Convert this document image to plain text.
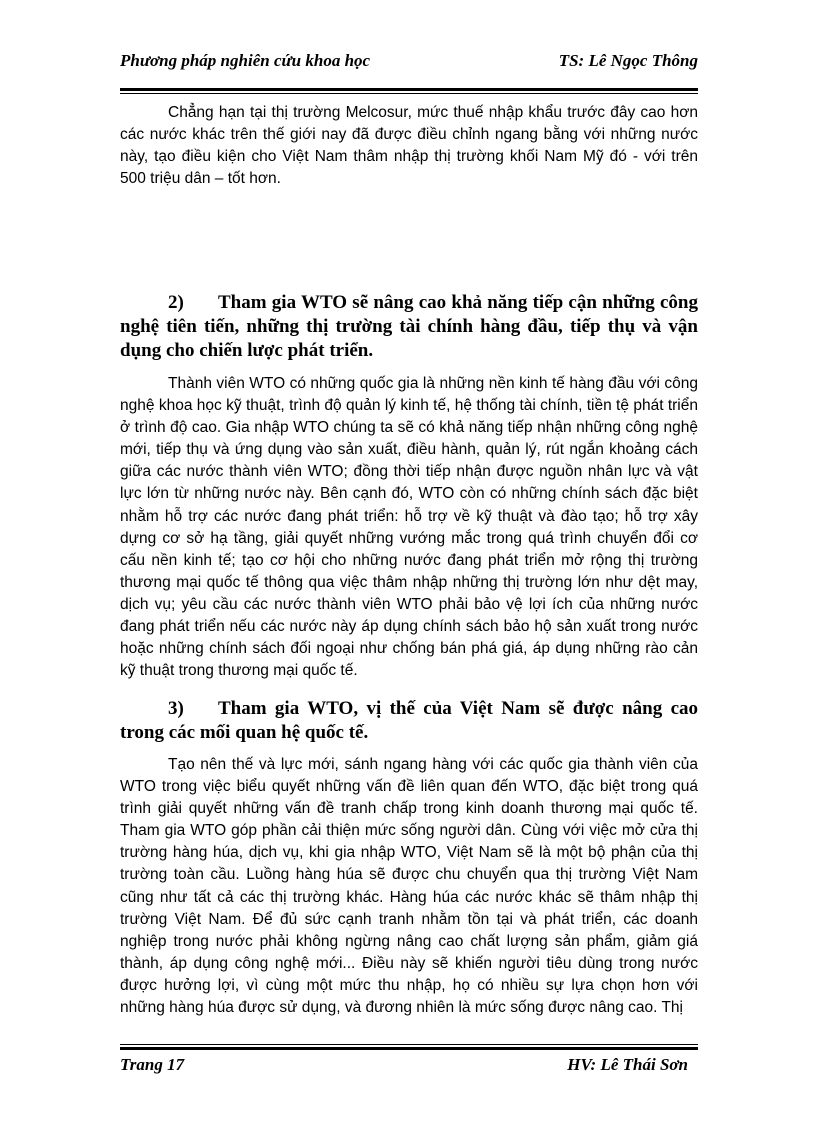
Phương pháp nghiên cứu khoa học	TS: Lê Ngọc Thông

Chẳng hạn tại thị trường Melcosur, mức thuế nhập khẩu trước đây cao hơn các nước khác trên thế giới nay đã được điều chỉnh ngang bằng với những nước này, tạo điều kiện cho Việt Nam thâm nhập thị trường khối Nam Mỹ đó - với trên 500 triệu dân – tốt hơn.

2) Tham gia WTO sẽ nâng cao khả năng tiếp cận những công nghệ tiên tiến, những thị trường tài chính hàng đầu, tiếp thụ và vận dụng cho chiến lược phát triển.

Thành viên WTO có những quốc gia là những nền kinh tế hàng đầu với công nghệ khoa học kỹ thuật, trình độ quản lý kinh tế, hệ thống tài chính, tiền tệ phát triển ở trình độ cao. Gia nhập WTO chúng ta sẽ có khả năng tiếp nhận những công nghệ mới, tiếp thụ và ứng dụng vào sản xuất, điều hành, quản lý, rút ngắn khoảng cách giữa các nước thành viên WTO; đồng thời tiếp nhận được nguồn nhân lực và vật lực lớn từ những nước này. Bên cạnh đó, WTO còn có những chính sách đặc biệt nhằm hỗ trợ các nước đang phát triển: hỗ trợ về kỹ thuật và đào tạo; hỗ trợ xây dựng cơ sở hạ tầng, giải quyết những vướng mắc trong quá trình chuyển đổi cơ cấu nền kinh tế; tạo cơ hội cho những nước đang phát triển mở rộng thị trường thương mại quốc tế thông qua việc thâm nhập những thị trường lớn như dệt may, dịch vụ; yêu cầu các nước thành viên WTO phải bảo vệ lợi ích của những nước đang phát triển nếu các nước này áp dụng chính sách bảo hộ sản xuất trong nước hoặc những chính sách đối ngoại như chống bán phá giá, áp dụng những rào cản kỹ thuật trong thương mại quốc tế.

3) Tham gia WTO, vị thế của Việt Nam sẽ được nâng cao trong các mối quan hệ quốc tế.

Tạo nên thế và lực mới, sánh ngang hàng với các quốc gia thành viên của WTO trong việc biểu quyết những vấn đề liên quan đến WTO, đặc biệt trong quá trình giải quyết những vấn đề tranh chấp trong kinh doanh thương mại quốc tế. Tham gia WTO góp phần cải thiện mức sống người dân. Cùng với việc mở cửa thị trường hàng húa, dịch vụ, khi gia nhập WTO, Việt Nam sẽ là một bộ phận của thị trường toàn cầu. Luồng hàng húa sẽ được chu chuyển qua thị trường Việt Nam cũng như tất cả các thị trường khác. Hàng húa các nước khác sẽ thâm nhập thị trường Việt Nam. Để đủ sức cạnh tranh nhằm tồn tại và phát triển, các doanh nghiệp trong nước phải không ngừng nâng cao chất lượng sản phẩm, giảm giá thành, áp dụng công nghệ mới... Điều này sẽ khiến người tiêu dùng trong nước được hưởng lợi, vì cùng một mức thu nhập, họ có nhiều sự lựa chọn hơn với những hàng húa được sử dụng, và đương nhiên là mức sống được nâng cao. Thị

Trang 17	HV: Lê Thái Sơn
